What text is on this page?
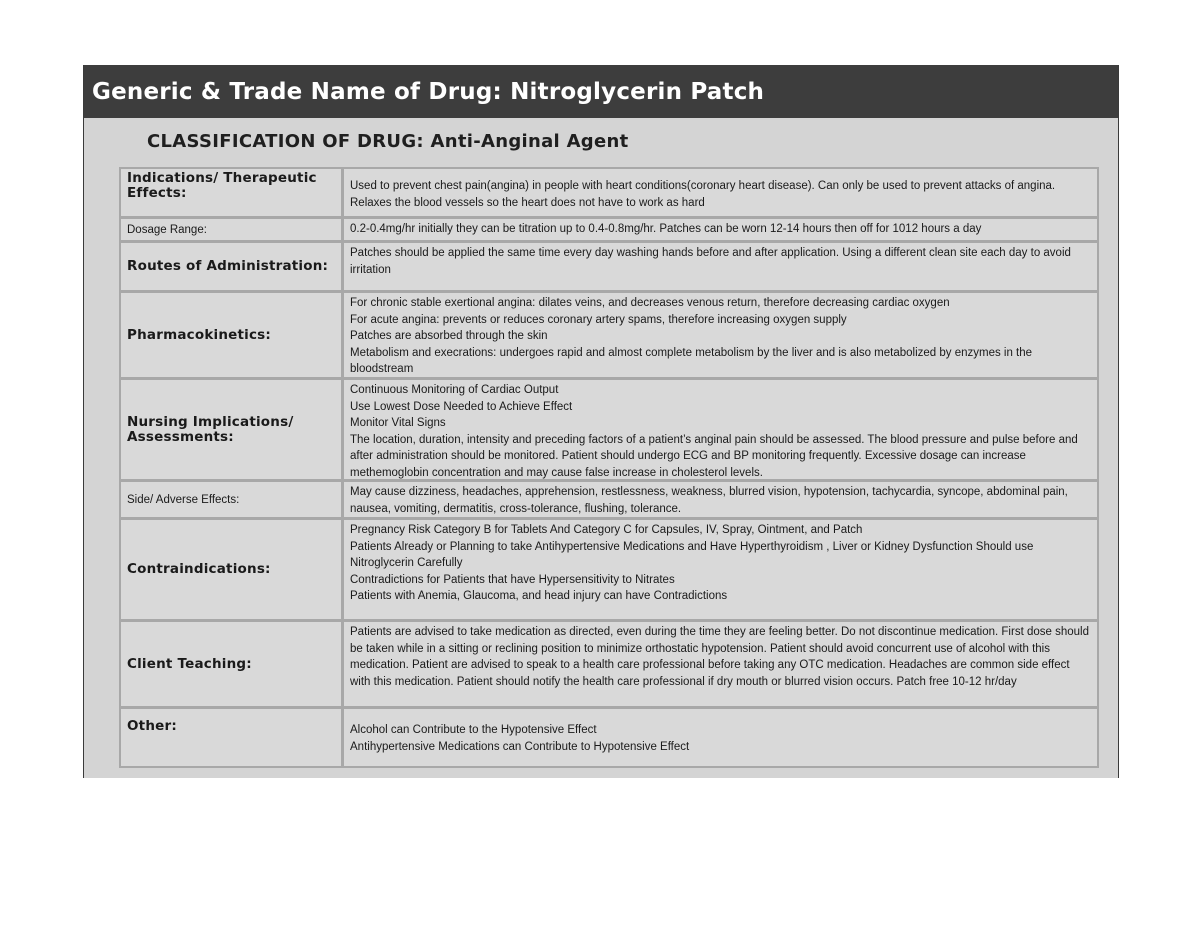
Generic & Trade Name of Drug: Nitroglycerin Patch
CLASSIFICATION OF DRUG: Anti-Anginal Agent
Indications/ Therapeutic Effects:	Used to prevent chest pain(angina) in people with heart conditions(coronary heart disease). Can only be used to prevent attacks of angina. Relaxes the blood vessels so the heart does not have to work as hard
Dosage Range:	0.2-0.4mg/hr initially they can be titration up to 0.4-0.8mg/hr. Patches can be worn 12-14 hours then off for 1012 hours a day
Routes of Administration:
Patches should be applied the same time every day washing hands before and after application. Using a different clean site each day to avoid irritation
Pharmacokinetics:
For chronic stable exertional angina: dilates veins, and decreases venous return, therefore decreasing cardiac oxygen
For acute angina: prevents or reduces coronary artery spams, therefore increasing oxygen supply
Patches are absorbed through the skin
Metabolism and execrations: undergoes rapid and almost complete metabolism by the liver and is also metabolized by enzymes in the bloodstream
Nursing Implications/ Assessments:
Continuous Monitoring of Cardiac Output
Use Lowest Dose Needed to Achieve Effect
Monitor Vital Signs
The location, duration, intensity and preceding factors of a patient’s anginal pain should be assessed. The blood pressure and pulse before and after administration should be monitored. Patient should undergo ECG and BP monitoring frequently. Excessive dosage can increase methemoglobin concentration and may cause false increase in cholesterol levels.
Side/ Adverse Effects:
May cause dizziness, headaches, apprehension, restlessness, weakness, blurred vision, hypotension, tachycardia, syncope, abdominal pain, nausea, vomiting, dermatitis, cross-tolerance, flushing, tolerance.
Contraindications:
Pregnancy Risk Category B for Tablets And Category C for Capsules, IV, Spray, Ointment, and Patch
Patients Already or Planning to take Antihypertensive Medications and Have Hyperthyroidism , Liver or Kidney Dysfunction Should use Nitroglycerin Carefully
Contradictions for Patients that have Hypersensitivity to Nitrates
Patients with Anemia, Glaucoma, and head injury can have Contradictions
Client Teaching:
Patients are advised to take medication as directed, even during the time they are feeling better. Do not discontinue medication. First dose should be taken while in a sitting or reclining position to minimize orthostatic hypotension. Patient should avoid concurrent use of alcohol with this medication. Patient are advised to speak to a health care professional before taking any OTC medication. Headaches are common side effect with this medication. Patient should notify the health care professional if dry mouth or blurred vision occurs. Patch free 10-12 hr/day
Other:	Alcohol can Contribute to the Hypotensive Effect
Antihypertensive Medications can Contribute to Hypotensive Effect
